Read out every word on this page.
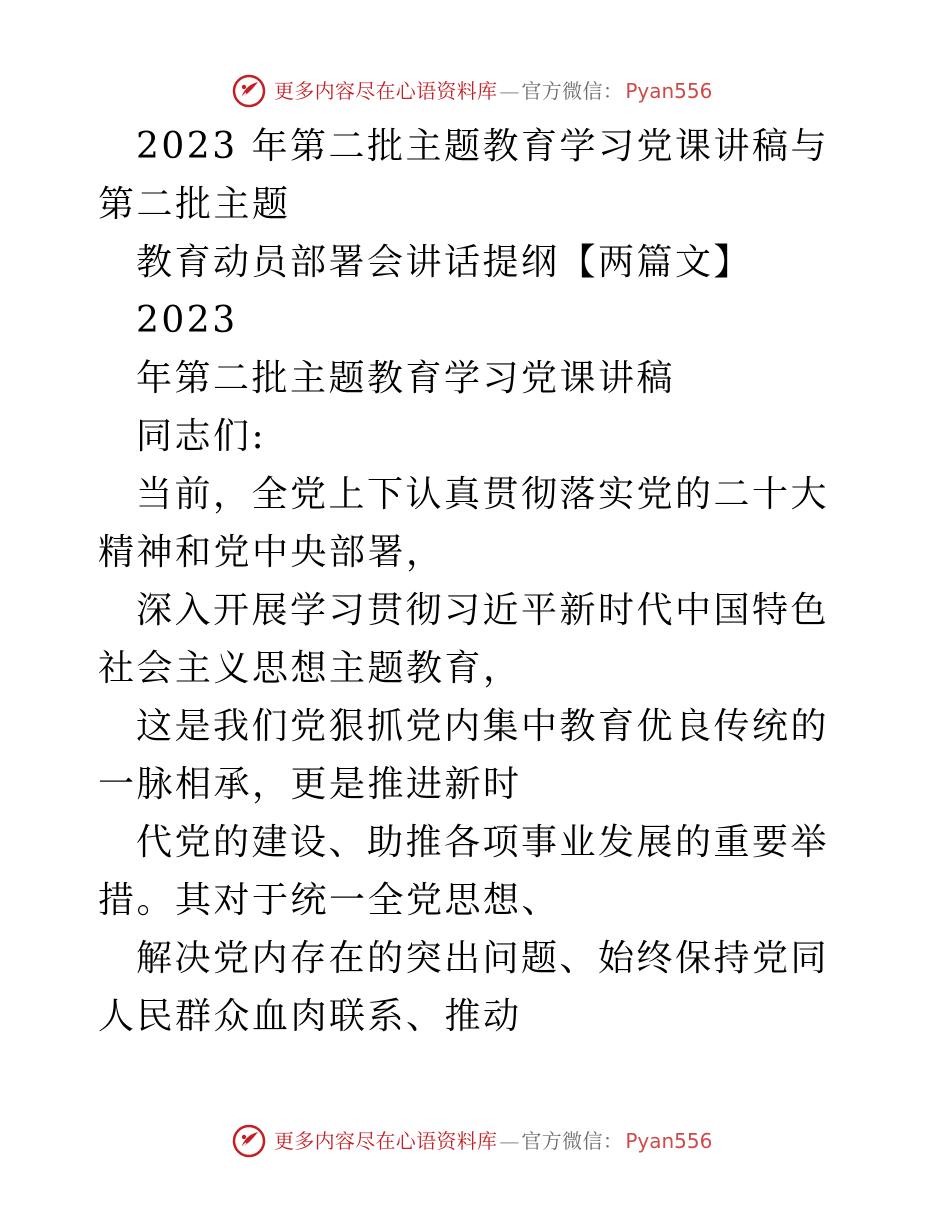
更多内容尽在心语资料库 — 官方微信： Pyan556

2023 年第二批主题教育学习党课讲稿与第二批主题

教育动员部署会讲话提纲【两篇文】

2023

年第二批主题教育学习党课讲稿

同志们:

当前，全党上下认真贯彻落实党的二十大精神和党中央部署，

深入开展学习贯彻习近平新时代中国特色社会主义思想主题教育，

这是我们党狠抓党内集中教育优良传统的一脉相承，更是推进新时

代党的建设、助推各项事业发展的重要举措。其对于统一全党思想、

解决党内存在的突出问题、始终保持党同人民群众血肉联系、推动

更多内容尽在心语资料库 — 官方微信： Pyan556
